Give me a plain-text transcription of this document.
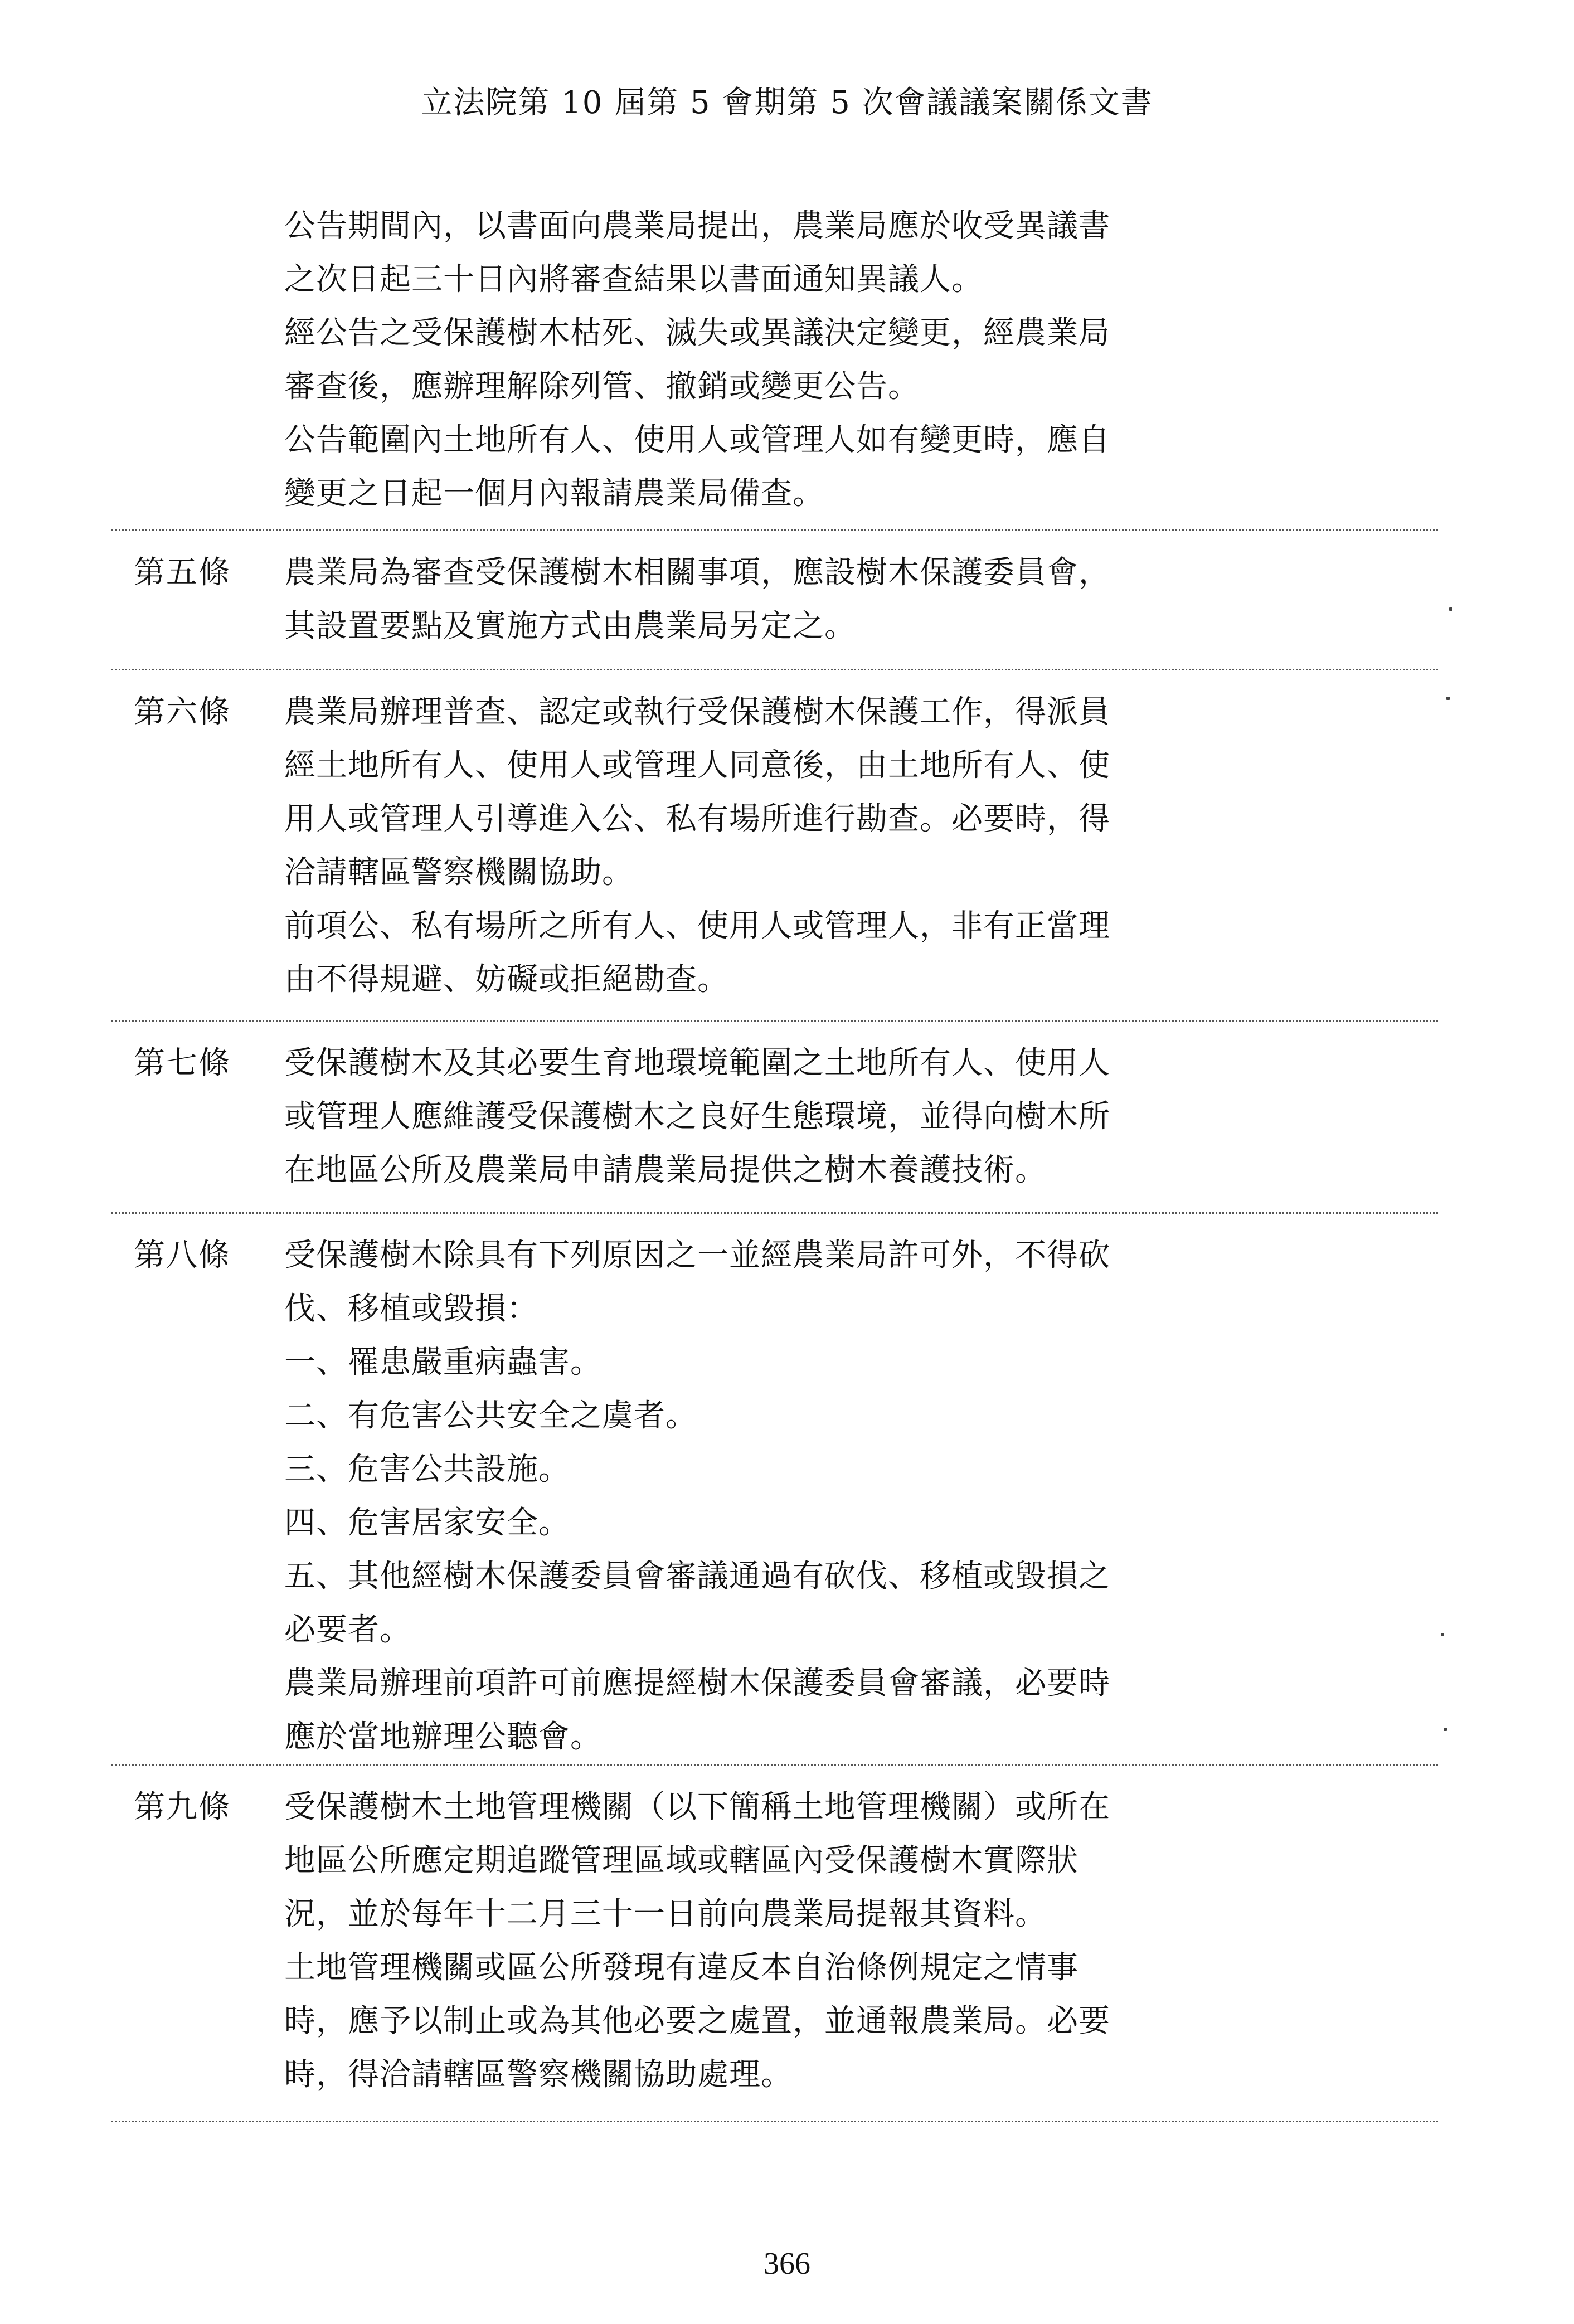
立法院第 10 屆第 5 會期第 5 次會議議案關係文書

公告期間內，以書面向農業局提出，農業局應於收受異議書之次日起三十日內將審查結果以書面通知異議人。

經公告之受保護樹木枯死、滅失或異議決定變更，經農業局審查後，應辦理解除列管、撤銷或變更公告。

公告範圍內土地所有人、使用人或管理人如有變更時，應自變更之日起一個月內報請農業局備查。

第五條 農業局為審查受保護樹木相關事項，應設樹木保護委員會，其設置要點及實施方式由農業局另定之。

第六條 農業局辦理普查、認定或執行受保護樹木保護工作，得派員經土地所有人、使用人或管理人同意後，由土地所有人、使用人或管理人引導進入公、私有場所進行勘查。必要時，得洽請轄區警察機關協助。

前項公、私有場所之所有人、使用人或管理人，非有正當理由不得規避、妨礙或拒絕勘查。

第七條 受保護樹木及其必要生育地環境範圍之土地所有人、使用人或管理人應維護受保護樹木之良好生態環境，並得向樹木所在地區公所及農業局申請農業局提供之樹木養護技術。

第八條 受保護樹木除具有下列原因之一並經農業局許可外，不得砍伐、移植或毀損：

一、罹患嚴重病蟲害。

二、有危害公共安全之虞者。

三、危害公共設施。

四、危害居家安全。

五、其他經樹木保護委員會審議通過有砍伐、移植或毀損之必要者。

農業局辦理前項許可前應提經樹木保護委員會審議，必要時應於當地辦理公聽會。

第九條 受保護樹木土地管理機關（以下簡稱土地管理機關）或所在地區公所應定期追蹤管理區域或轄區內受保護樹木實際狀況，並於每年十二月三十一日前向農業局提報其資料。

土地管理機關或區公所發現有違反本自治條例規定之情事時，應予以制止或為其他必要之處置，並通報農業局。必要時，得洽請轄區警察機關協助處理。

366
